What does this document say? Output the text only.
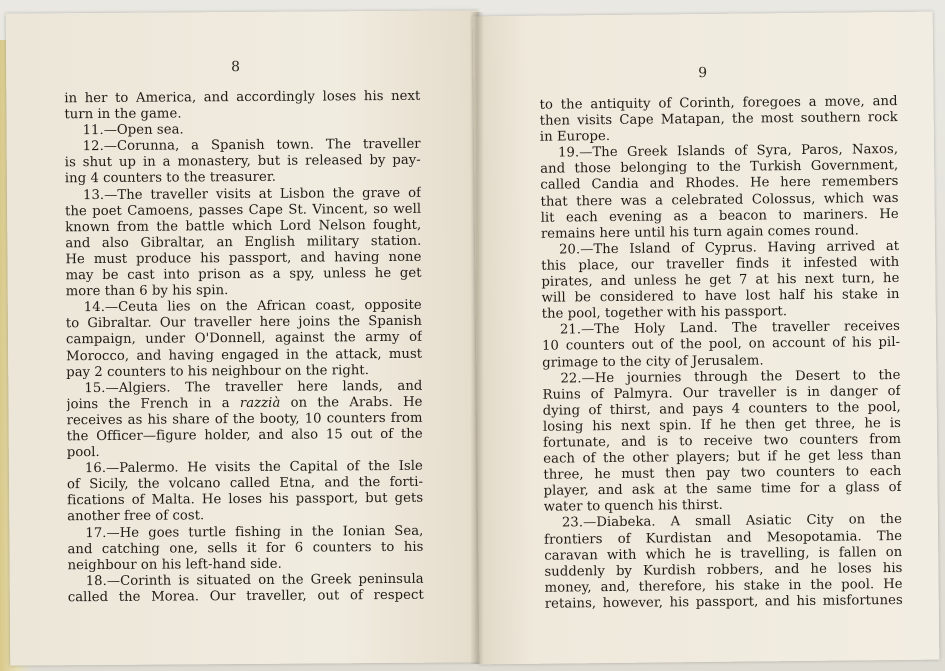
8
in her to America, and accordingly loses his next
turn in the game.
11.—Open sea.
12.—Corunna, a Spanish town. The traveller
is shut up in a monastery, but is released by pay-
ing 4 counters to the treasurer.
13.—The traveller visits at Lisbon the grave of
the poet Camoens, passes Cape St. Vincent, so well
known from the battle which Lord Nelson fought,
and also Gibraltar, an English military station.
He must produce his passport, and having none
may be cast into prison as a spy, unless he get
more than 6 by his spin.
14.—Ceuta lies on the African coast, opposite
to Gibraltar. Our traveller here joins the Spanish
campaign, under O'Donnell, against the army of
Morocco, and having engaged in the attack, must
pay 2 counters to his neighbour on the right.
15.—Algiers. The traveller here lands, and
joins the French in a razzià on the Arabs. He
receives as his share of the booty, 10 counters from
the Officer—figure holder, and also 15 out of the
pool.
16.—Palermo. He visits the Capital of the Isle
of Sicily, the volcano called Etna, and the forti-
fications of Malta. He loses his passport, but gets
another free of cost.
17.—He goes turtle fishing in the Ionian Sea,
and catching one, sells it for 6 counters to his
neighbour on his left-hand side.
18.—Corinth is situated on the Greek peninsula
called the Morea. Our traveller, out of respect
9
to the antiquity of Corinth, foregoes a move, and
then visits Cape Matapan, the most southern rock
in Europe.
19.—The Greek Islands of Syra, Paros, Naxos,
and those belonging to the Turkish Government,
called Candia and Rhodes. He here remembers
that there was a celebrated Colossus, which was
lit each evening as a beacon to mariners. He
remains here until his turn again comes round.
20.—The Island of Cyprus. Having arrived at
this place, our traveller finds it infested with
pirates, and unless he get 7 at his next turn, he
will be considered to have lost half his stake in
the pool, together with his passport.
21.—The Holy Land. The traveller receives
10 counters out of the pool, on account of his pil-
grimage to the city of Jerusalem.
22.—He journies through the Desert to the
Ruins of Palmyra. Our traveller is in danger of
dying of thirst, and pays 4 counters to the pool,
losing his next spin. If he then get three, he is
fortunate, and is to receive two counters from
each of the other players; but if he get less than
three, he must then pay two counters to each
player, and ask at the same time for a glass of
water to quench his thirst.
23.—Diabeka. A small Asiatic City on the
frontiers of Kurdistan and Mesopotamia. The
caravan with which he is travelling, is fallen on
suddenly by Kurdish robbers, and he loses his
money, and, therefore, his stake in the pool. He
retains, however, his passport, and his misfortunes
